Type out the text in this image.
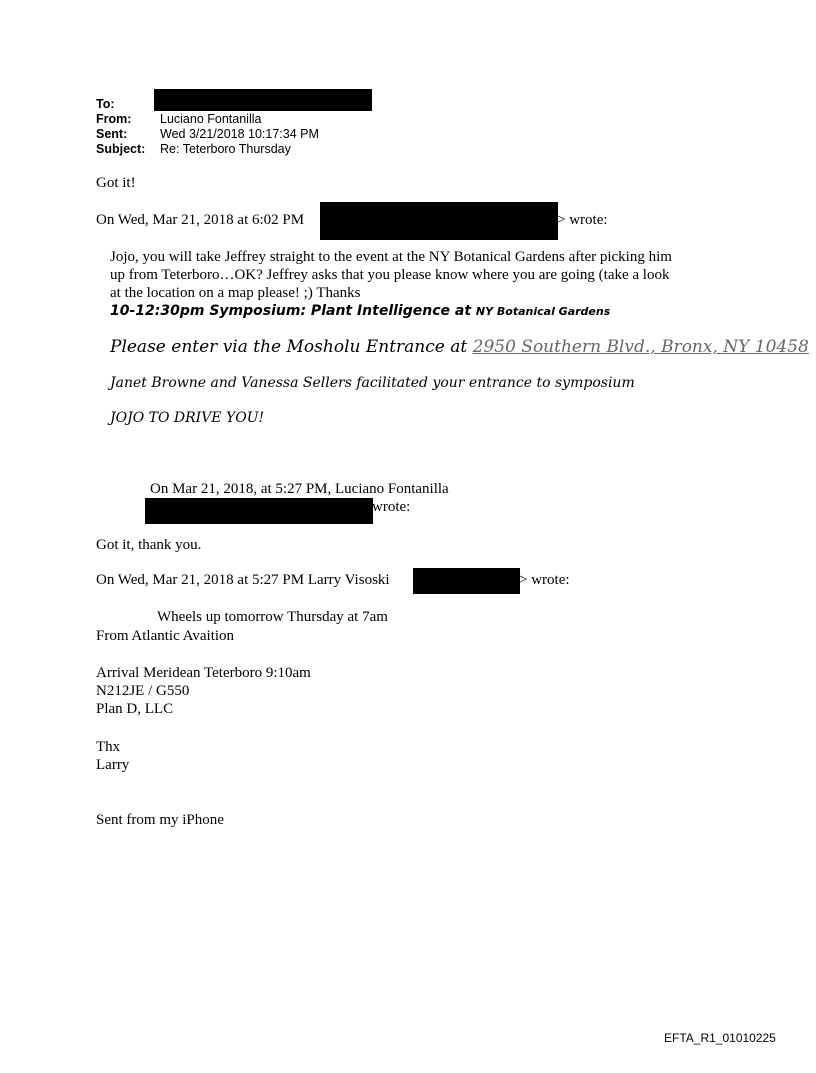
To:
From: Luciano Fontanilla
Sent:	Wed 3/21/2018 10:17:34 PM
Subject: Re: Teterboro Thursday
Got it!
On Wed, Mar 21, 2018 at 6:02 PM	> wrote:
Jojo, you will take Jeffrey straight to the event at the NY Botanical Gardens after picking him
up from Teterboro…OK? Jeffrey asks that you please know where you are going (take a look
at the location on a map please! ;) Thanks
10-12:30pm Symposium: Plant Intelligence at NY Botanical Gardens
Please enter via the Mosholu Entrance at 2950 Southern Blvd., Bronx, NY 10458
Janet Browne and Vanessa Sellers facilitated your entrance to symposium
JOJO TO DRIVE YOU!
On Mar 21, 2018, at 5:27 PM, Luciano Fontanilla
wrote:
Got it, thank you.
On Wed, Mar 21, 2018 at 5:27 PM Larry Visoski	> wrote:
Wheels up tomorrow Thursday at 7am
From Atlantic Avaition
Arrival Meridean Teterboro 9:10am
N212JE / G550
Plan D, LLC
Thx
Larry
Sent from my iPhone
EFTA_R1_01010225
